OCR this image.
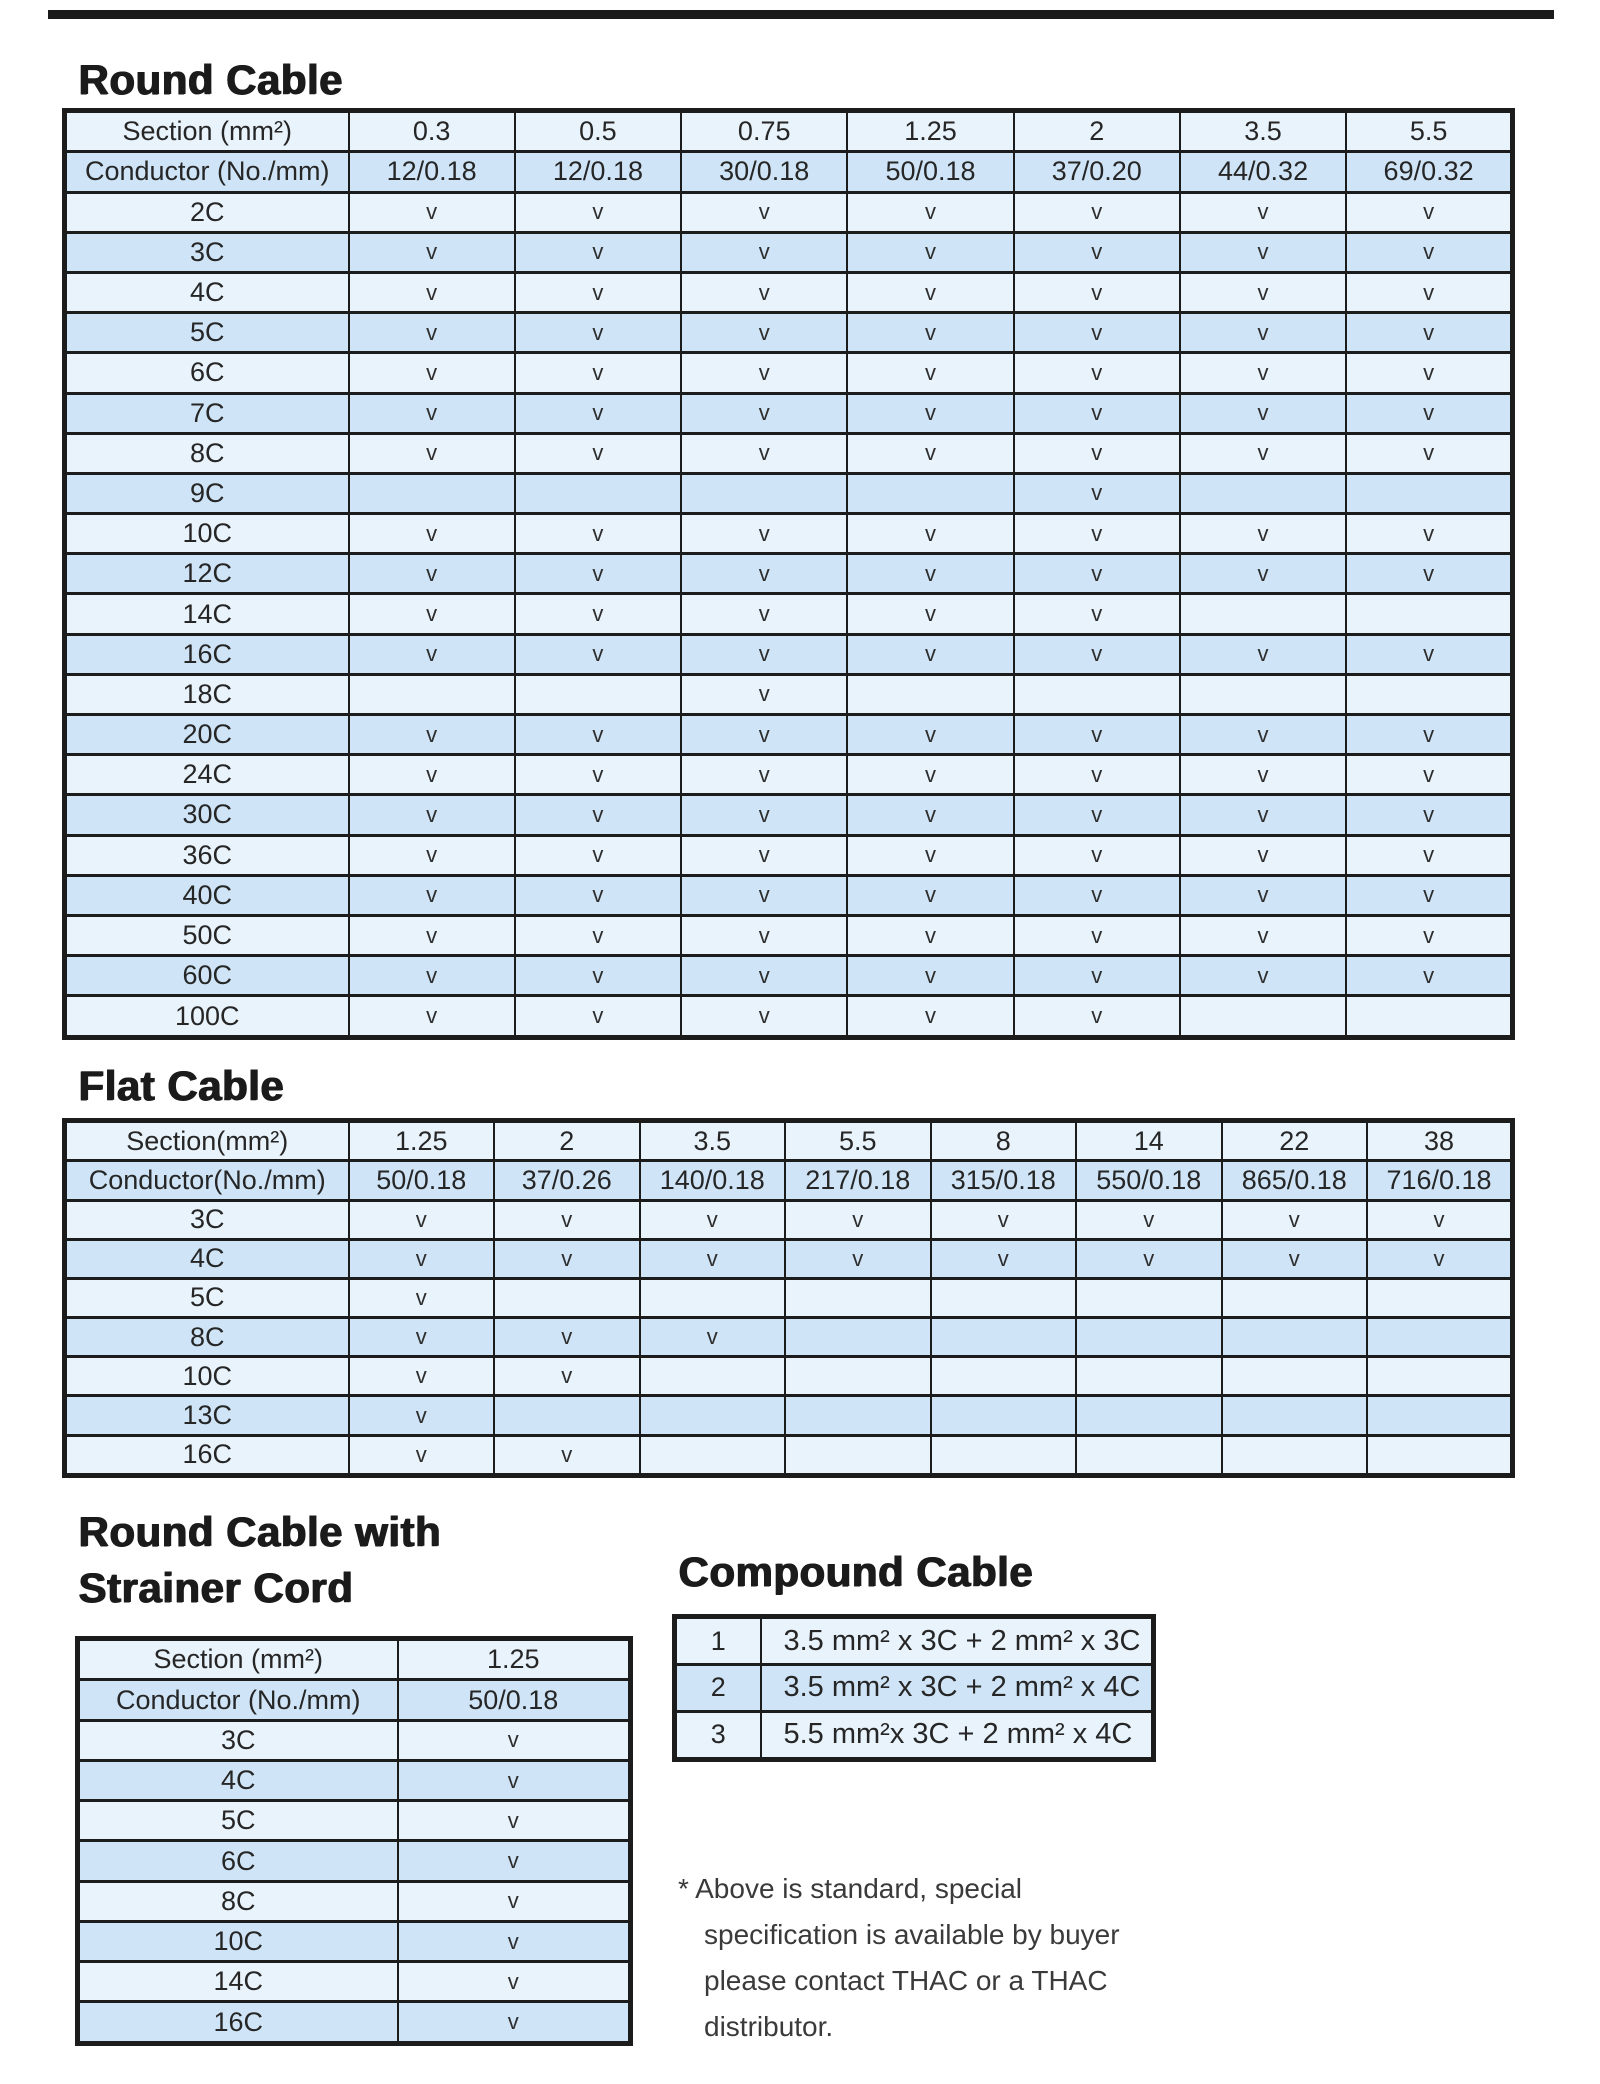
Round Cable
Section (mm²)	0.3	0.5	0.75	1.25	2	3.5	5.5
Conductor (No./mm)	12/0.18	12/0.18	30/0.18	50/0.18	37/0.20	44/0.32	69/0.32
2C	v	v	v	v	v	v	v
3C	v	v	v	v	v	v	v
4C	v	v	v	v	v	v	v
5C	v	v	v	v	v	v	v
6C	v	v	v	v	v	v	v
7C	v	v	v	v	v	v	v
8C	v	v	v	v	v	v	v
9C					v		
10C	v	v	v	v	v	v	v
12C	v	v	v	v	v	v	v
14C	v	v	v	v	v		
16C	v	v	v	v	v	v	v
18C			v				
20C	v	v	v	v	v	v	v
24C	v	v	v	v	v	v	v
30C	v	v	v	v	v	v	v
36C	v	v	v	v	v	v	v
40C	v	v	v	v	v	v	v
50C	v	v	v	v	v	v	v
60C	v	v	v	v	v	v	v
100C	v	v	v	v	v		
Flat Cable
Section(mm²)	1.25	2	3.5	5.5	8	14	22	38
Conductor(No./mm)	50/0.18	37/0.26	140/0.18	217/0.18	315/0.18	550/0.18	865/0.18	716/0.18
3C	v	v	v	v	v	v	v	v
4C	v	v	v	v	v	v	v	v
5C	v							
8C	v	v	v					
10C	v	v						
13C	v							
16C	v	v						
Round Cable with
Strainer Cord
Section (mm²)	1.25
Conductor (No./mm)	50/0.18
3C	v
4C	v
5C	v
6C	v
8C	v
10C	v
14C	v
16C	v
Compound Cable
1	3.5 mm² x 3C + 2 mm² x 3C
2	3.5 mm² x 3C + 2 mm² x 4C
3	5.5 mm²x 3C + 2 mm² x 4C
* Above is standard, special
specification is available by buyer
please contact THAC or a THAC
distributor.
